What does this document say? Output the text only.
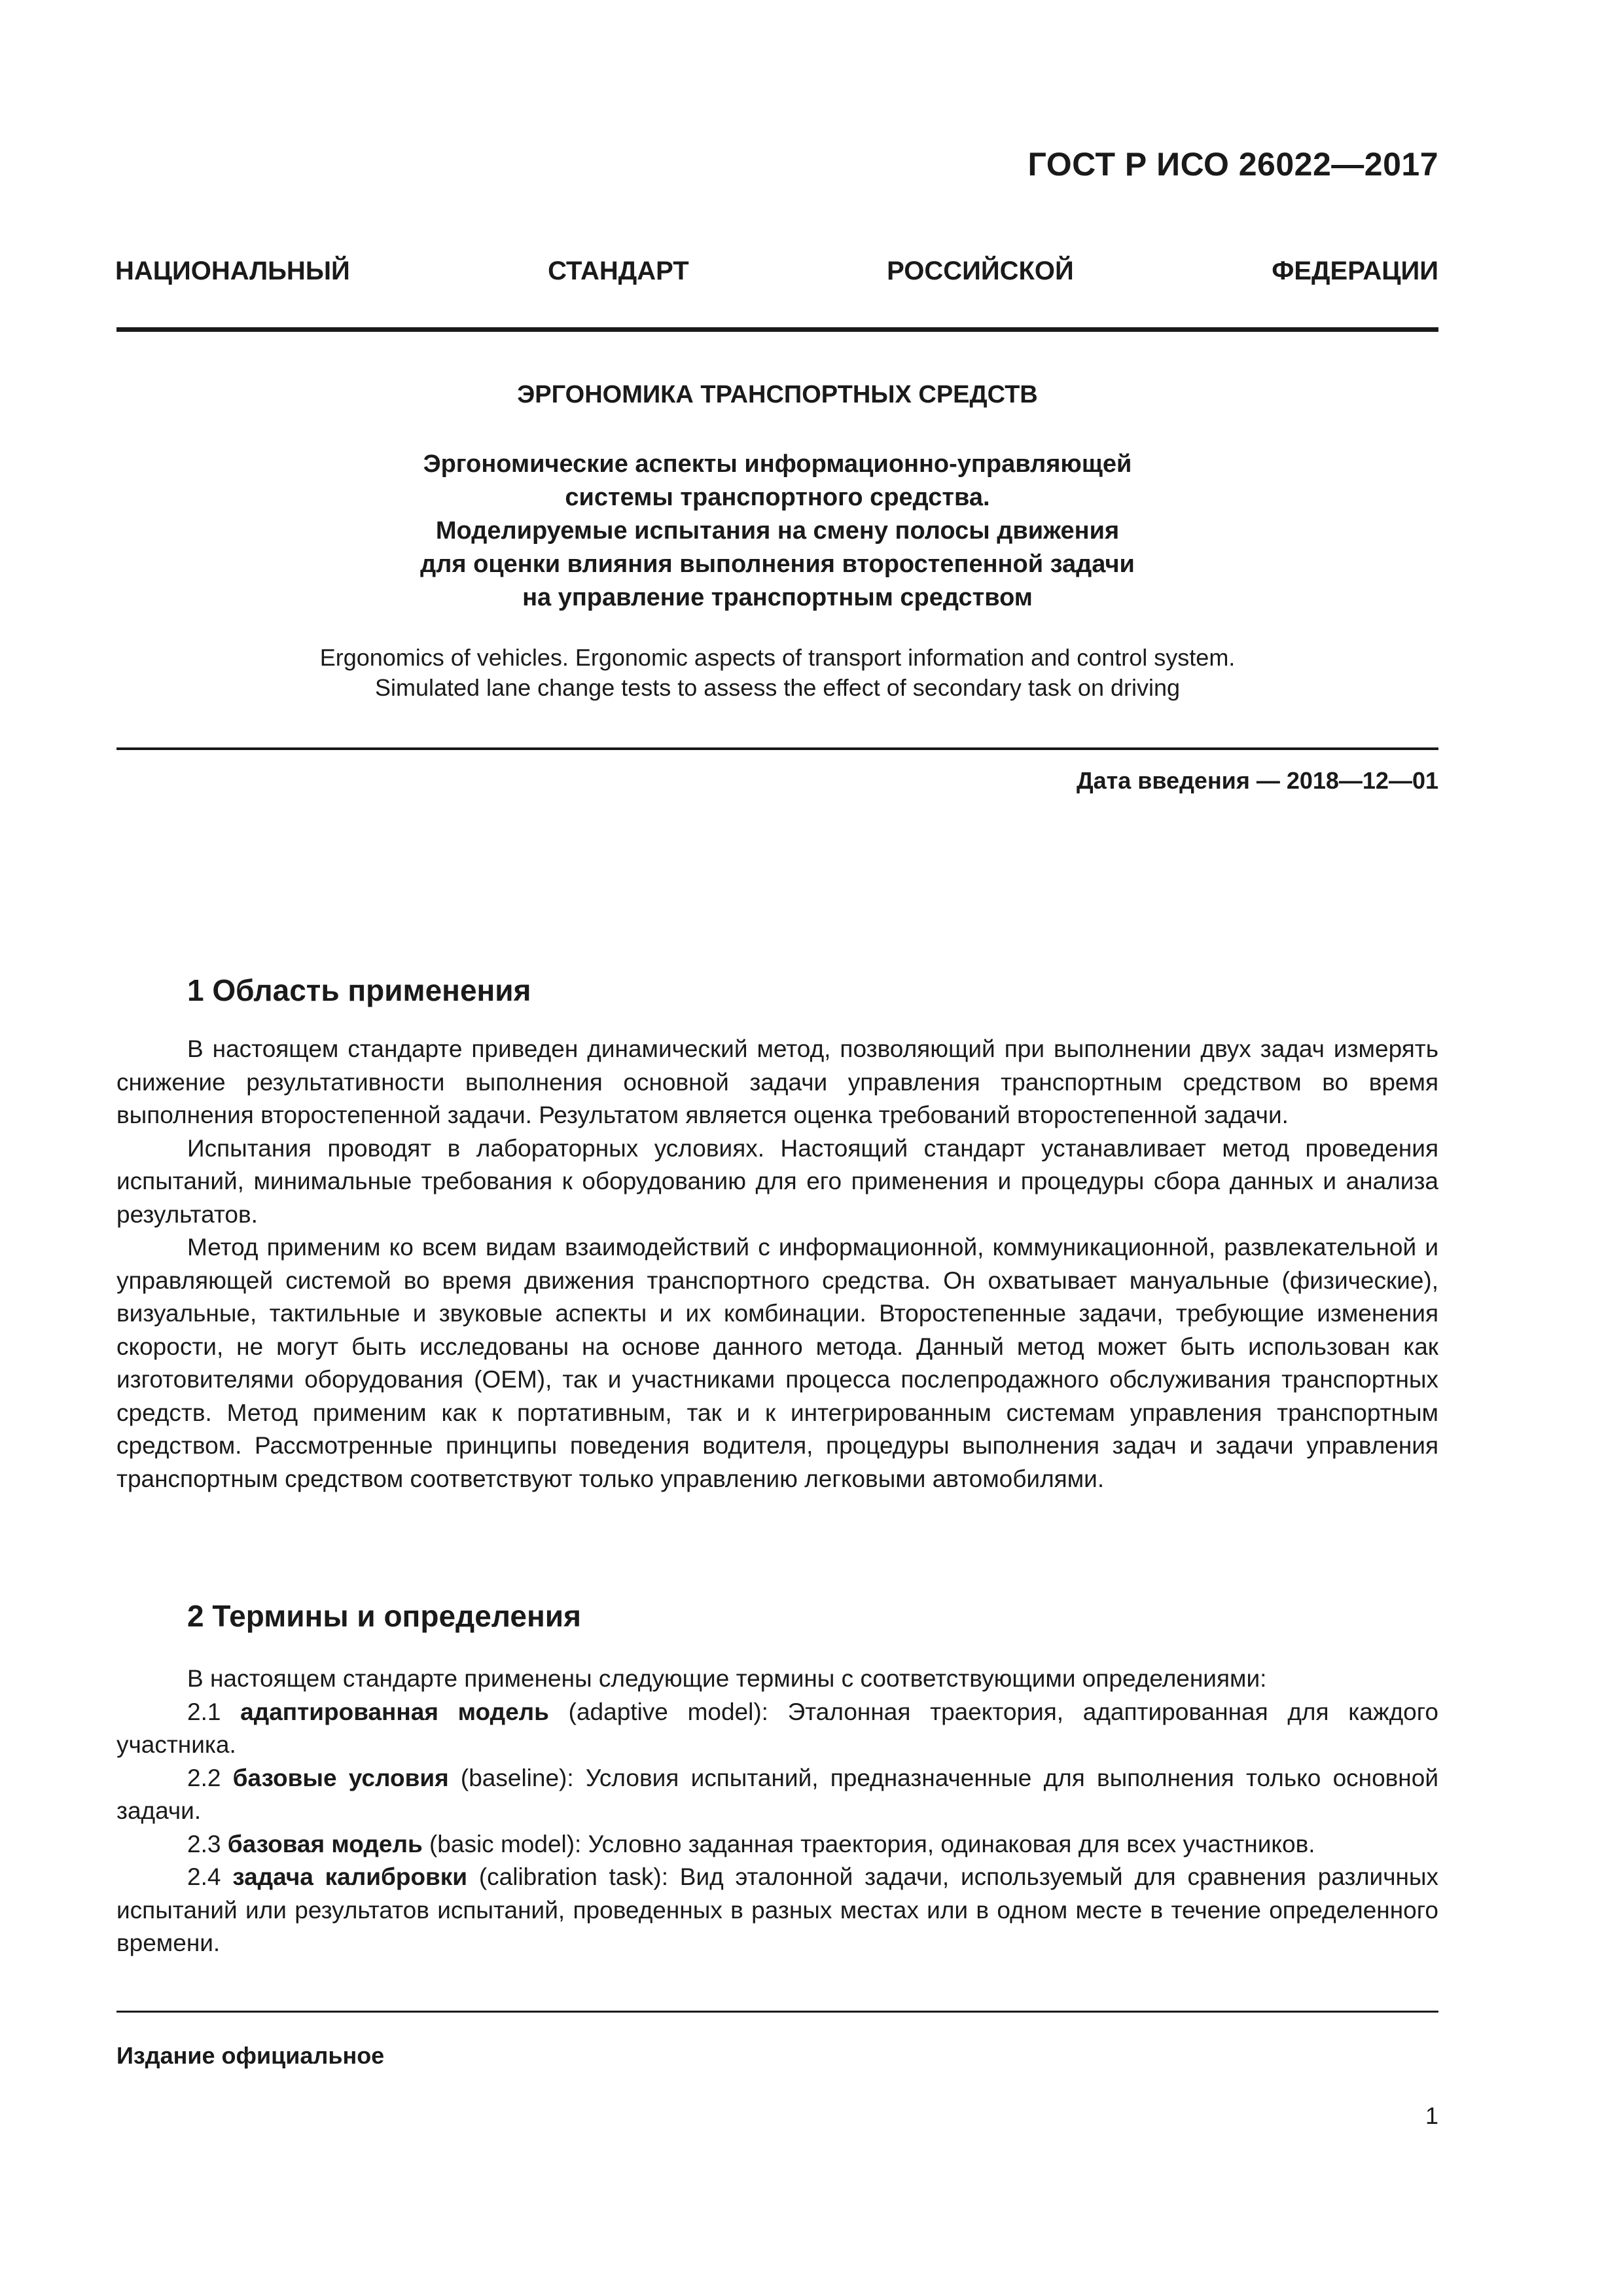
ГОСТ Р ИСО 26022—2017
НАЦИОНАЛЬНЫЙ	СТАНДАРТ	РОССИЙСКОЙ	ФЕДЕРАЦИИ
ЭРГОНОМИКА ТРАНСПОРТНЫХ СРЕДСТВ
Эргономические аспекты информационно-управляющей
системы транспортного средства.
Моделируемые испытания на смену полосы движения
для оценки влияния выполнения второстепенной задачи
на управление транспортным средством
Ergonomics of vehicles. Ergonomic aspects of transport information and control system.
Simulated lane change tests to assess the effect of secondary task on driving
Дата введения — 2018—12—01
1 Область применения

В настоящем стандарте приведен динамический метод, позволяющий при выполнении двух задач измерять снижение результативности выполнения основной задачи управления транспортным средством во время выполнения второстепенной задачи. Результатом является оценка требований второстепенной задачи.

Испытания проводят в лабораторных условиях. Настоящий стандарт устанавливает метод проведения испытаний, минимальные требования к оборудованию для его применения и процедуры сбора данных и анализа результатов.

Метод применим ко всем видам взаимодействий с информационной, коммуникационной, развлекательной и управляющей системой во время движения транспортного средства. Он охватывает мануальные (физические), визуальные, тактильные и звуковые аспекты и их комбинации. Второстепенные задачи, требующие изменения скорости, не могут быть исследованы на основе данного метода. Данный метод может быть использован как изготовителями оборудования (OEM), так и участниками процесса послепродажного обслуживания транспортных средств. Метод применим как к портативным, так и к интегрированным системам управления транспортным средством. Рассмотренные принципы поведения водителя, процедуры выполнения задач и задачи управления транспортным средством соответствуют только управлению легковыми автомобилями.

2 Термины и определения

В настоящем стандарте применены следующие термины с соответствующими определениями:

2.1 адаптированная модель (adaptive model): Эталонная траектория, адаптированная для каждого участника.

2.2 базовые условия (baseline): Условия испытаний, предназначенные для выполнения только основной задачи.

2.3 базовая модель (basic model): Условно заданная траектория, одинаковая для всех участников.

2.4 задача калибровки (calibration task): Вид эталонной задачи, используемый для сравнения различных испытаний или результатов испытаний, проведенных в разных местах или в одном месте в течение определенного времени.

Издание официальное
1
